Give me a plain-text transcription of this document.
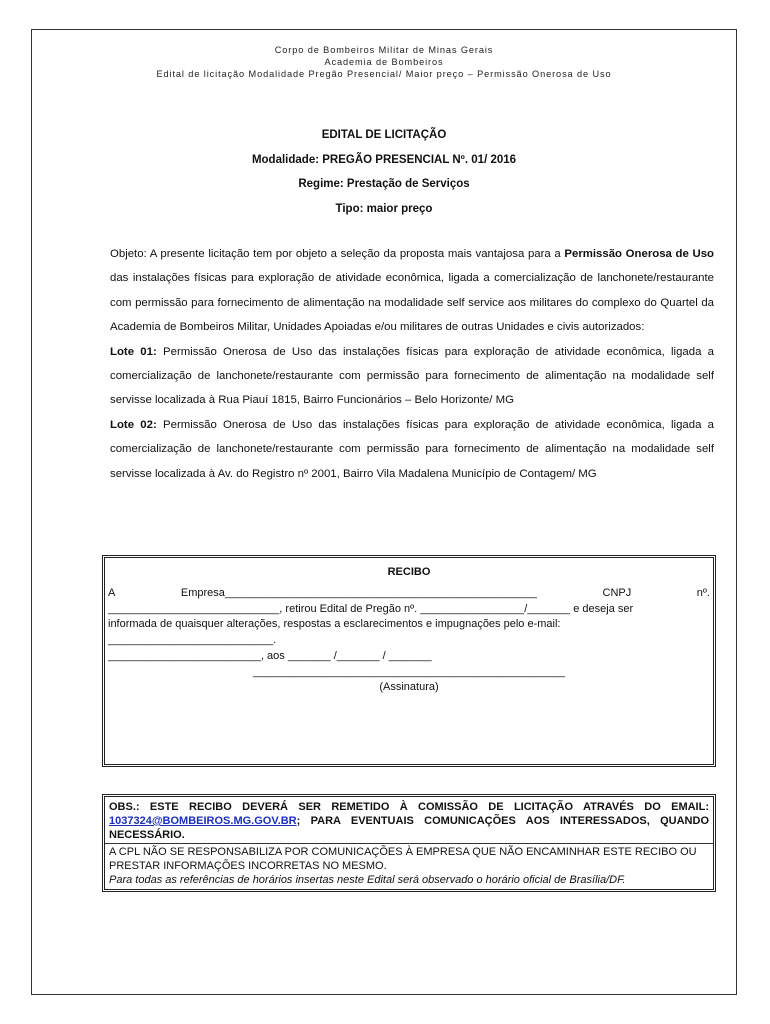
Corpo de Bombeiros Militar de Minas Gerais
Academia de Bombeiros
Edital de licitação Modalidade Pregão Presencial/ Maior preço – Permissão Onerosa de Uso
EDITAL DE LICITAÇÃO
Modalidade: PREGÃO PRESENCIAL Nº. 01/ 2016
Regime: Prestação de Serviços
Tipo: maior preço

Objeto: A presente licitação tem por objeto a seleção da proposta mais vantajosa para a Permissão Onerosa de Uso das instalações físicas para exploração de atividade econômica, ligada a comercialização de lanchonete/restaurante com permissão para fornecimento de alimentação na modalidade self service aos militares do complexo do Quartel da Academia de Bombeiros Militar, Unidades Apoiadas e/ou militares de outras Unidades e civis autorizados:

Lote 01: Permissão Onerosa de Uso das instalações físicas para exploração de atividade econômica, ligada a comercialização de lanchonete/restaurante com permissão para fornecimento de alimentação na modalidade self servisse localizada à Rua Piauí 1815, Bairro Funcionários – Belo Horizonte/ MG

Lote 02: Permissão Onerosa de Uso das instalações físicas para exploração de atividade econômica, ligada a comercialização de lanchonete/restaurante com permissão para fornecimento de alimentação na modalidade self servisse localizada à Av. do Registro nº 2001, Bairro Vila Madalena Município de Contagem/ MG

RECIBO
A	Empresa___________________________________________________	CNPJ	nº.
____________________________, retirou Edital de Pregão nº. _________________/_______ e deseja ser
informada de quaisquer alterações, respostas a esclarecimentos e impugnações pelo e-mail:
___________________________.
_________________________, aos _______ /_______ / _______
___________________________________________________
(Assinatura)
OBS.: ESTE RECIBO DEVERÁ SER REMETIDO À COMISSÃO DE LICITAÇÃO ATRAVÉS DO EMAIL: 1037324@BOMBEIROS.MG.GOV.BR; PARA EVENTUAIS COMUNICAÇÕES AOS INTERESSADOS, QUANDO NECESSÁRIO.
A CPL NÃO SE RESPONSABILIZA POR COMUNICAÇÕES À EMPRESA QUE NÃO ENCAMINHAR ESTE RECIBO OU PRESTAR INFORMAÇÕES INCORRETAS NO MESMO.
Para todas as referências de horários insertas neste Edital será observado o horário oficial de Brasília/DF.
